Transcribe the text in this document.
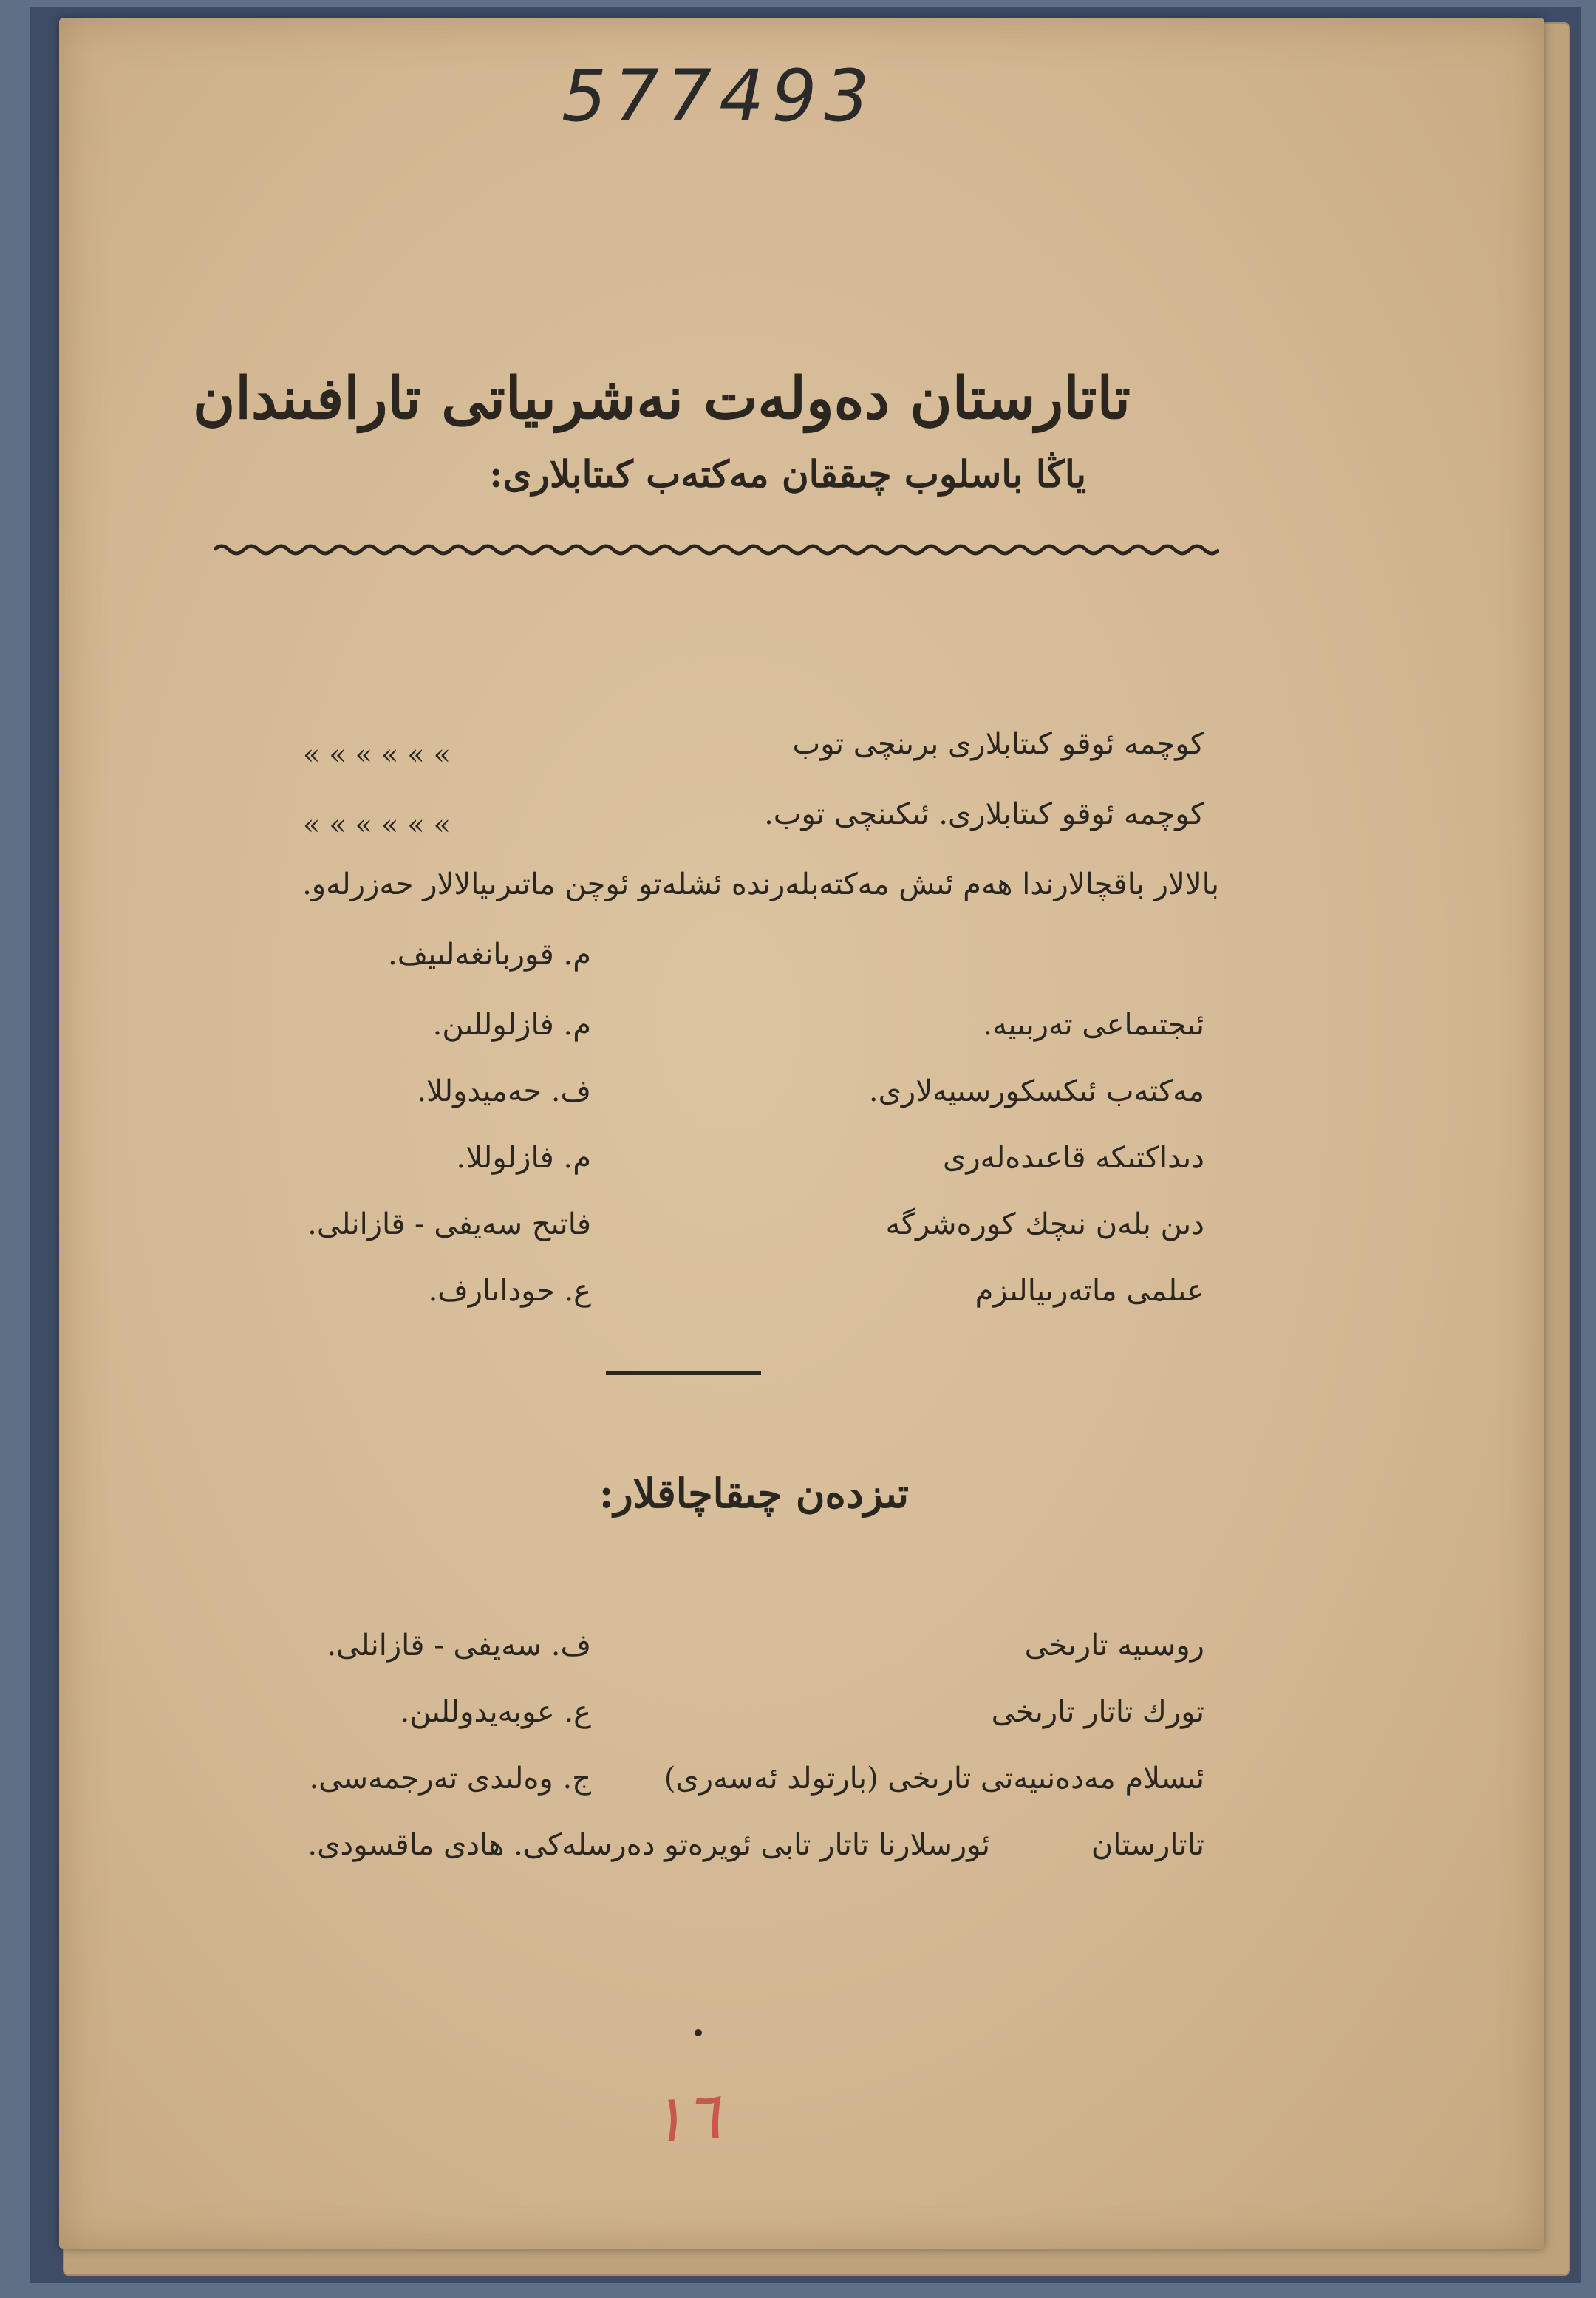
577493
تاتارستان دەولەت نەشرىياتى تارافىندان
ياڭا باسلوب چىققان مەكتەب كىتابلارى:
كوچمە ئوقو كىتابلارى برىنچى توب
« « « « « «
كوچمە ئوقو كىتابلارى. ئىكىنچى توب.
« « « « « «
بالالار باقچالارندا هەم ئىش مەكتەبلەرندە ئشلەتو ئوچن ماتىرىيالالار حەزرلەو.
م. قوربانغەلىيف.
ئىجتىماعى تەربىيە.
م. فازلوللىن.
مەكتەب ئىكسكورسىيەلارى.
ف. حەميدوللا.
دىداكتىكە قاعىدەلەرى
م. فازلوللا.
دىن بلەن نىچك كورەشرگە
فاتىح سەيفى - قازانلى.
عىلمى ماتەرىيالىزم
ع. حوداىارف.
تىزدەن چىقاچاقلار:
روسىيە تارىخى
ف. سەيفى - قازانلى.
تورك تاتار تارىخى
ع. عوبەيدوللىن.
ئىسلام مەدەنىيەتى تارىخى (بارتولد ئەسەرى)
ج. وەلىدى تەرجمەسى.
تاتارستان
ئورسلارنا تاتار تابى ئويرەتو دەرسلەكى. هادى ماقسودى.
١٦
